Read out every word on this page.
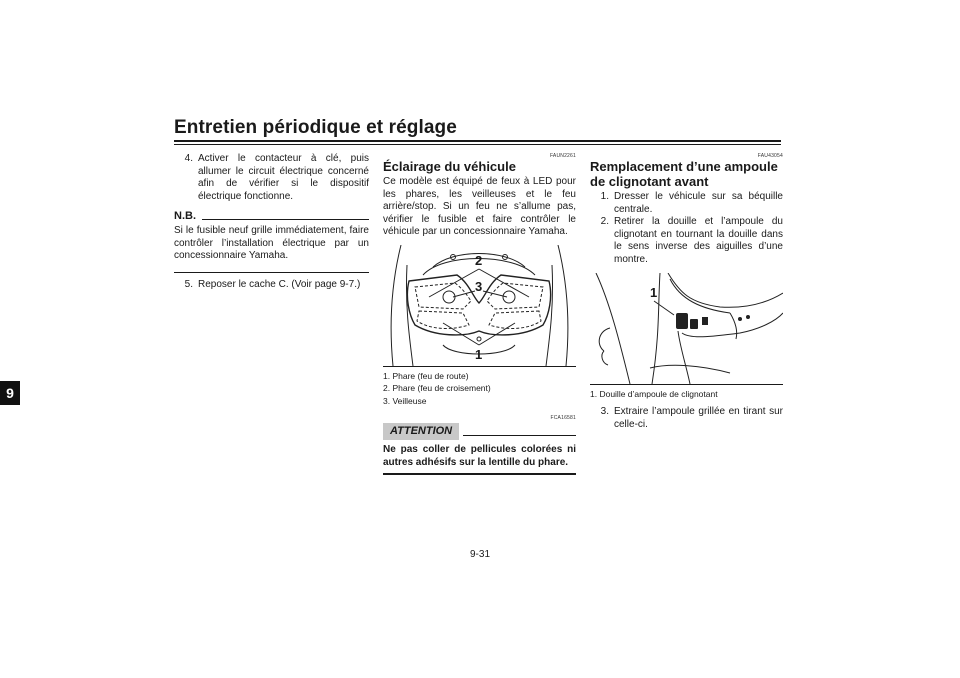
Entretien périodique et réglage
9
4. Activer le contacteur à clé, puis allumer le circuit électrique concerné afin de vérifier si le dispositif électrique fonctionne.
N.B.
Si le fusible neuf grille immédiatement, faire contrôler l’installation électrique par un concessionnaire Yamaha.
5. Reposer le cache C. (Voir page 9-7.)
FAUN2261
Éclairage du véhicule
Ce modèle est équipé de feux à LED pour les phares, les veilleuses et le feu arrière/stop. Si un feu ne s’allume pas, vérifier le fusible et faire contrôler le véhicule par un concessionnaire Yamaha.
2
3
1
1. Phare (feu de route)
2. Phare (feu de croisement)
3. Veilleuse
FCA16581
ATTENTION
Ne pas coller de pellicules colorées ni autres adhésifs sur la lentille du phare.
FAU43054
Remplacement d’une ampoule de clignotant avant
1. Dresser le véhicule sur sa béquille centrale.
2. Retirer la douille et l’ampoule du clignotant en tournant la douille dans le sens inverse des aiguilles d’une montre.
1
1. Douille d’ampoule de clignotant
3. Extraire l’ampoule grillée en tirant sur celle-ci.
9-31
